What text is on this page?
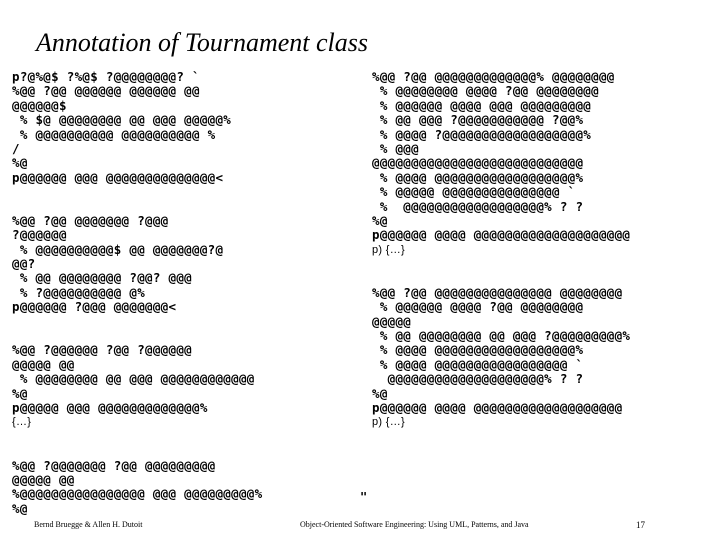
Annotation of Tournament class
p?@%@$ ?%@$ ?@@@@@@@@? `
%@@ ?@@ @@@@@@ @@@@@@ @@
@@@@@@$
% $@ @@@@@@@@ @@ @@@ @@@@@%
% @@@@@@@@@@ @@@@@@@@@@ %
/
%@
p@@@@@@ @@@ @@@@@@@@@@@@@@<
%@@ ?@@ @@@@@@@ ?@@@
?@@@@@@
% @@@@@@@@@@$ @@ @@@@@@@?@
@@?
% @@ @@@@@@@@ ?@@? @@@
% ?@@@@@@@@@@ @%
p@@@@@@ ?@@@ @@@@@@@<
%@@ ?@@@@@@ ?@@ ?@@@@@@
@@@@@ @@
% @@@@@@@@ @@ @@@ @@@@@@@@@@@@
%@
p@@@@@ @@@ @@@@@@@@@@@@@%
{…}
%@@ ?@@@@@@@ ?@@ @@@@@@@@@
@@@@@ @@
%@@@@@@@@@@@@@@@@ @@@ @@@@@@@@@%
%@
%@@ ?@@ @@@@@@@@@@@@@% @@@@@@@@
% @@@@@@@@ @@@@ ?@@ @@@@@@@@
% @@@@@@ @@@@ @@@ @@@@@@@@@
% @@ @@@ ?@@@@@@@@@@@ ?@@%
% @@@@ ?@@@@@@@@@@@@@@@@@@%
% @@@
@@@@@@@@@@@@@@@@@@@@@@@@@@@
% @@@@ @@@@@@@@@@@@@@@@@@%
% @@@@@ @@@@@@@@@@@@@@@ `
%  @@@@@@@@@@@@@@@@@@% ? ?
%@
p@@@@@@ @@@@ @@@@@@@@@@@@@@@@@@@@
p) {…}
%@@ ?@@ @@@@@@@@@@@@@@@ @@@@@@@@
% @@@@@@ @@@@ ?@@ @@@@@@@@
@@@@@
% @@ @@@@@@@@ @@ @@@ ?@@@@@@@@@%
% @@@@ @@@@@@@@@@@@@@@@@@%
% @@@@ @@@@@@@@@@@@@@@@@ `
@@@@@@@@@@@@@@@@@@@@% ? ?
%@
p@@@@@@ @@@@ @@@@@@@@@@@@@@@@@@@
p) {…}
"
Bernd Bruegge & Allen H. Dutoit	Object-Oriented Software Engineering: Using UML, Patterns, and Java	17
